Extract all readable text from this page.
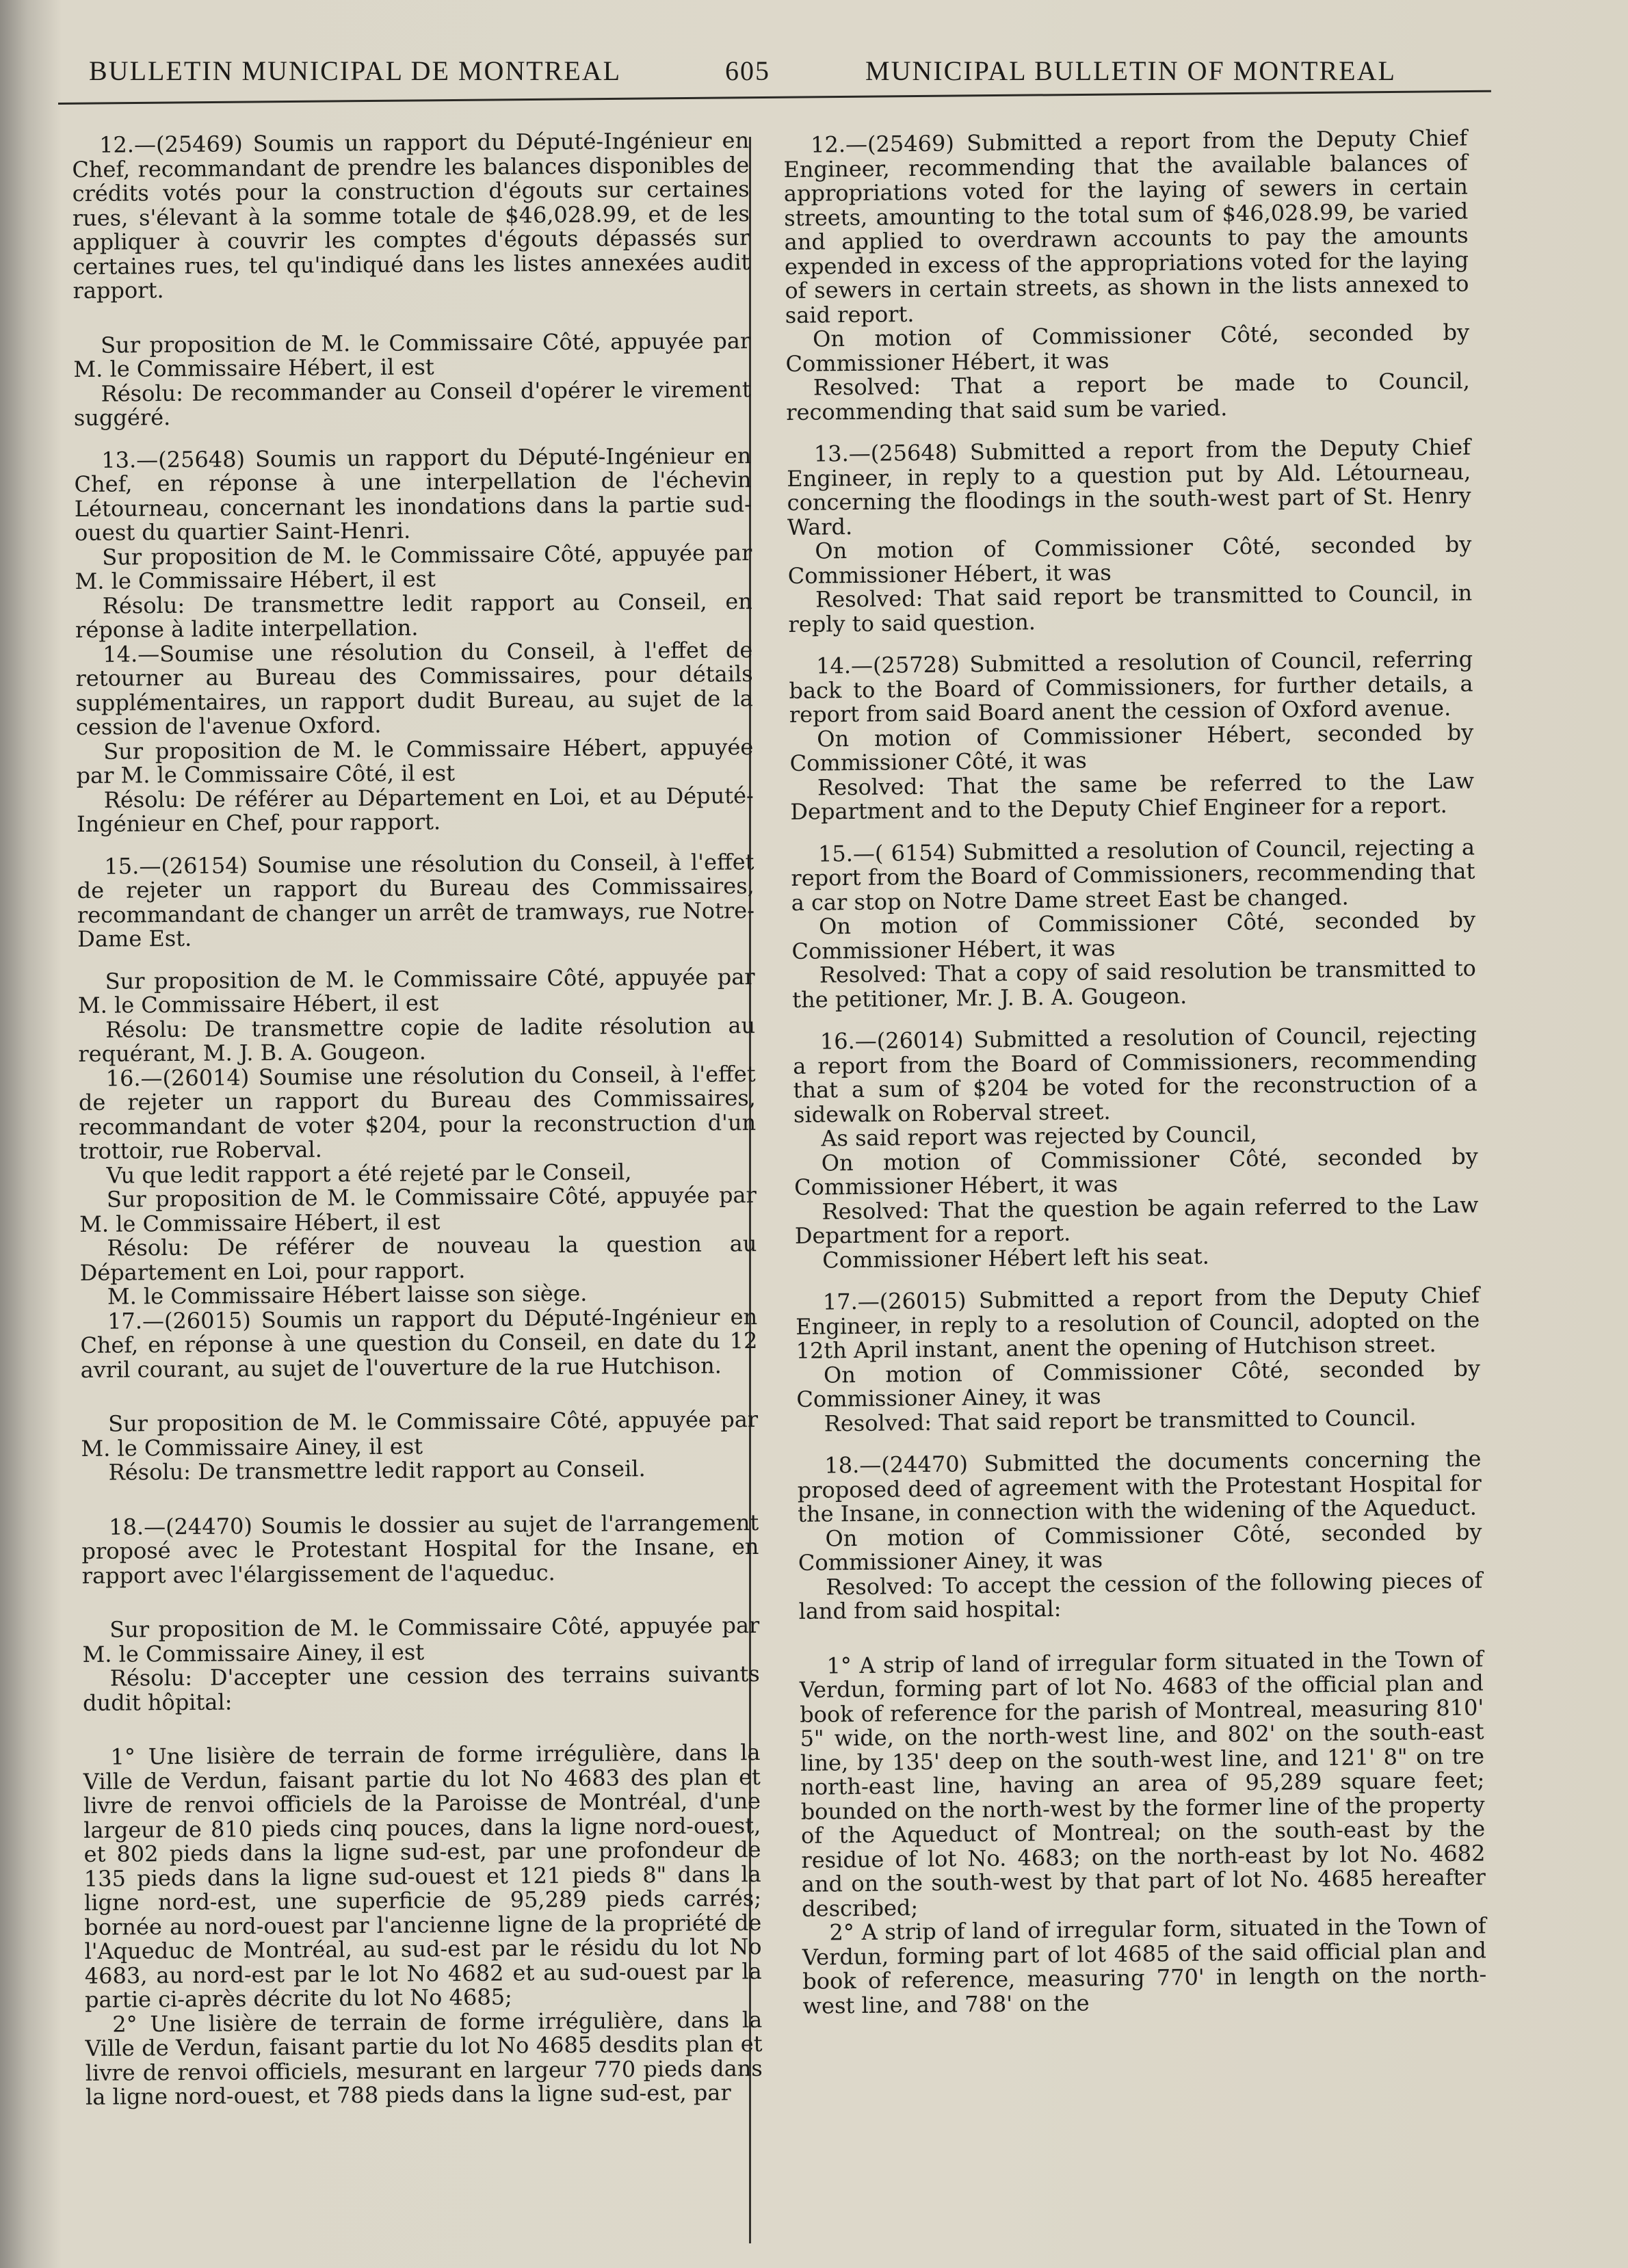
BULLETIN MUNICIPAL DE MONTREAL	605	MUNICIPAL BULLETIN OF MONTREAL

12.—(25469) Soumis un rapport du Député-Ingénieur en Chef, recommandant de prendre les balances disponibles de crédits votés pour la construction d'égouts sur certaines rues, s'élevant à la somme totale de $46,028.99, et de les appliquer à couvrir les comptes d'égouts dépassés sur certaines rues, tel qu'indiqué dans les listes annexées audit rapport.

Sur proposition de M. le Commissaire Côté, appuyée par M. le Commissaire Hébert, il est

Résolu: De recommander au Conseil d'opérer le virement suggéré.

13.—(25648) Soumis un rapport du Député-Ingénieur en Chef, en réponse à une interpellation de l'échevin Létourneau, concernant les inondations dans la partie sud-ouest du quartier Saint-Henri.

Sur proposition de M. le Commissaire Côté, appuyée par M. le Commissaire Hébert, il est

Résolu: De transmettre ledit rapport au Conseil, en réponse à ladite interpellation.

14.—Soumise une résolution du Conseil, à l'effet de retourner au Bureau des Commissaires, pour détails supplémentaires, un rapport dudit Bureau, au sujet de la cession de l'avenue Oxford.

Sur proposition de M. le Commissaire Hébert, appuyée par M. le Commissaire Côté, il est

Résolu: De référer au Département en Loi, et au Député-Ingénieur en Chef, pour rapport.

15.—(26154) Soumise une résolution du Conseil, à l'effet de rejeter un rapport du Bureau des Commissaires, recommandant de changer un arrêt de tramways, rue Notre-Dame Est.

Sur proposition de M. le Commissaire Côté, appuyée par M. le Commissaire Hébert, il est

Résolu: De transmettre copie de ladite résolution au requérant, M. J. B. A. Gougeon.

16.—(26014) Soumise une résolution du Conseil, à l'effet de rejeter un rapport du Bureau des Commissaires, recommandant de voter $204, pour la reconstruction d'un trottoir, rue Roberval.

Vu que ledit rapport a été rejeté par le Conseil,

Sur proposition de M. le Commissaire Côté, appuyée par M. le Commissaire Hébert, il est

Résolu: De référer de nouveau la question au Département en Loi, pour rapport.

M. le Commissaire Hébert laisse son siège.

17.—(26015) Soumis un rapport du Député-Ingénieur en Chef, en réponse à une question du Conseil, en date du 12 avril courant, au sujet de l'ouverture de la rue Hutchison.

Sur proposition de M. le Commissaire Côté, appuyée par M. le Commissaire Ainey, il est

Résolu: De transmettre ledit rapport au Conseil.

18.—(24470) Soumis le dossier au sujet de l'arrangement proposé avec le Protestant Hospital for the Insane, en rapport avec l'élargissement de l'aqueduc.

Sur proposition de M. le Commissaire Côté, appuyée par M. le Commissaire Ainey, il est

Résolu: D'accepter une cession des terrains suivants dudit hôpital:

1° Une lisière de terrain de forme irrégulière, dans la Ville de Verdun, faisant partie du lot No 4683 des plan et livre de renvoi officiels de la Paroisse de Montréal, d'une largeur de 810 pieds cinq pouces, dans la ligne nord-ouest, et 802 pieds dans la ligne sud-est, par une profondeur de 135 pieds dans la ligne sud-ouest et 121 pieds 8" dans la ligne nord-est, une superficie de 95,289 pieds carrés; bornée au nord-ouest par l'ancienne ligne de la propriété de l'Aqueduc de Montréal, au sud-est par le résidu du lot No 4683, au nord-est par le lot No 4682 et au sud-ouest par la partie ci-après décrite du lot No 4685;

2° Une lisière de terrain de forme irrégulière, dans la Ville de Verdun, faisant partie du lot No 4685 desdits plan et livre de renvoi officiels, mesurant en largeur 770 pieds dans la ligne nord-ouest, et 788 pieds dans la ligne sud-est, par

12.—(25469) Submitted a report from the Deputy Chief Engineer, recommending that the available balances of appropriations voted for the laying of sewers in certain streets, amounting to the total sum of $46,028.99, be varied and applied to overdrawn accounts to pay the amounts expended in excess of the appropriations voted for the laying of sewers in certain streets, as shown in the lists annexed to said report.

On motion of Commissioner Côté, seconded by Commissioner Hébert, it was

Resolved: That a report be made to Council, recommending that said sum be varied.

13.—(25648) Submitted a report from the Deputy Chief Engineer, in reply to a question put by Ald. Létourneau, concerning the floodings in the south-west part of St. Henry Ward.

On motion of Commissioner Côté, seconded by Commissioner Hébert, it was

Resolved: That said report be transmitted to Council, in reply to said question.

14.—(25728) Submitted a resolution of Council, referring back to the Board of Commissioners, for further details, a report from said Board anent the cession of Oxford avenue.

On motion of Commissioner Hébert, seconded by Commissioner Côté, it was

Resolved: That the same be referred to the Law Department and to the Deputy Chief Engineer for a report.

15.—( 6154) Submitted a resolution of Council, rejecting a report from the Board of Commissioners, recommending that a car stop on Notre Dame street East be changed.

On motion of Commissioner Côté, seconded by Commissioner Hébert, it was

Resolved: That a copy of said resolution be transmitted to the petitioner, Mr. J. B. A. Gougeon.

16.—(26014) Submitted a resolution of Council, rejecting a report from the Board of Commissioners, recommending that a sum of $204 be voted for the reconstruction of a sidewalk on Roberval street.

As said report was rejected by Council,

On motion of Commissioner Côté, seconded by Commissioner Hébert, it was

Resolved: That the question be again referred to the Law Department for a report.

Commissioner Hébert left his seat.

17.—(26015) Submitted a report from the Deputy Chief Engineer, in reply to a resolution of Council, adopted on the 12th April instant, anent the opening of Hutchison street.

On motion of Commissioner Côté, seconded by Commissioner Ainey, it was

Resolved: That said report be transmitted to Council.

18.—(24470) Submitted the documents concerning the proposed deed of agreement with the Protestant Hospital for the Insane, in connection with the widening of the Aqueduct.

On motion of Commissioner Côté, seconded by Commissioner Ainey, it was

Resolved: To accept the cession of the following pieces of land from said hospital:

1° A strip of land of irregular form situated in the Town of Verdun, forming part of lot No. 4683 of the official plan and book of reference for the parish of Montreal, measuring 810' 5" wide, on the north-west line, and 802' on the south-east line, by 135' deep on the south-west line, and 121' 8" on tre north-east line, having an area of 95,289 square feet; bounded on the north-west by the former line of the property of the Aqueduct of Montreal; on the south-east by the residue of lot No. 4683; on the north-east by lot No. 4682 and on the south-west by that part of lot No. 4685 hereafter described;

2° A strip of land of irregular form, situated in the Town of Verdun, forming part of lot 4685 of the said official plan and book of reference, measuring 770' in length on the north-west line, and 788' on the
